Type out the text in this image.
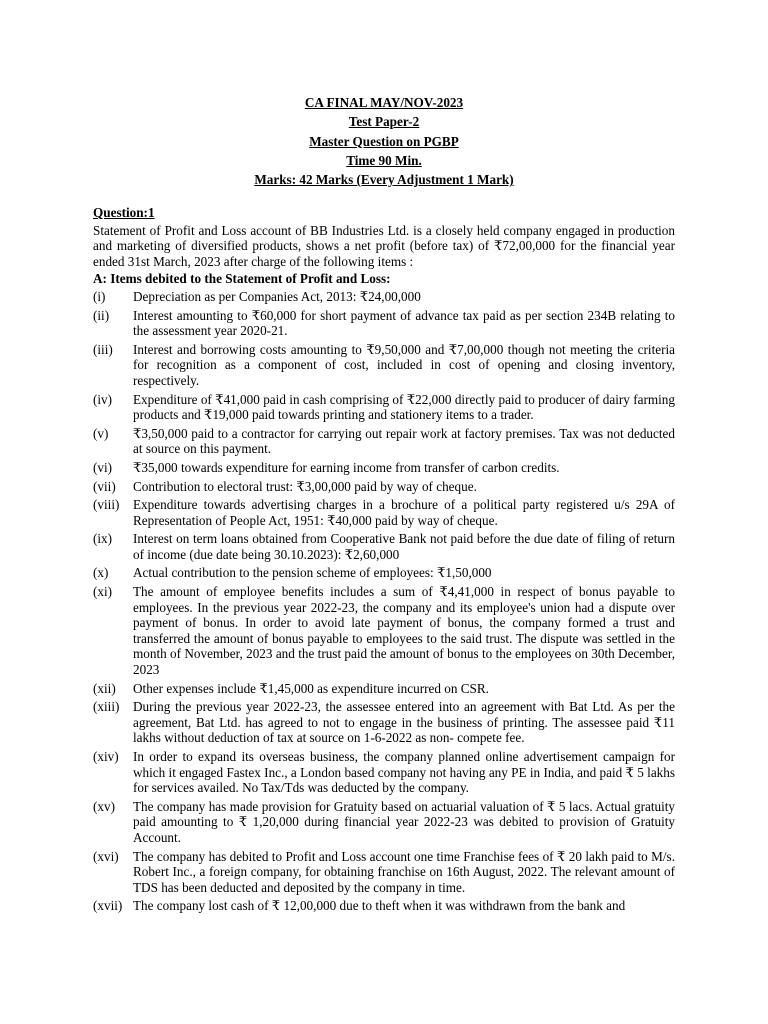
CA FINAL MAY/NOV-2023
Test Paper-2
Master Question on PGBP
Time 90 Min.
Marks: 42 Marks (Every Adjustment 1 Mark)
Question:1
Statement of Profit and Loss account of BB Industries Ltd. is a closely held company engaged in production and marketing of diversified products, shows a net profit (before tax) of ₹72,00,000 for the financial year ended 31st March, 2023 after charge of the following items :
A: Items debited to the Statement of Profit and Loss:
(i)	Depreciation as per Companies Act, 2013: ₹24,00,000
(ii)	Interest amounting to ₹60,000 for short payment of advance tax paid as per section 234B relating to the assessment year 2020-21.
(iii)	Interest and borrowing costs amounting to ₹9,50,000 and ₹7,00,000 though not meeting the criteria for recognition as a component of cost, included in cost of opening and closing inventory, respectively.
(iv)	Expenditure of ₹41,000 paid in cash comprising of ₹22,000 directly paid to producer of dairy farming products and ₹19,000 paid towards printing and stationery items to a trader.
(v)	₹3,50,000 paid to a contractor for carrying out repair work at factory premises. Tax was not deducted at source on this payment.
(vi)	₹35,000 towards expenditure for earning income from transfer of carbon credits.
(vii)	Contribution to electoral trust: ₹3,00,000 paid by way of cheque.
(viii)	Expenditure towards advertising charges in a brochure of a political party registered u/s 29A of Representation of People Act, 1951: ₹40,000 paid by way of cheque.
(ix)	Interest on term loans obtained from Cooperative Bank not paid before the due date of filing of return of income (due date being 30.10.2023): ₹2,60,000
(x)	Actual contribution to the pension scheme of employees: ₹1,50,000
(xi)	The amount of employee benefits includes a sum of ₹4,41,000 in respect of bonus payable to employees. In the previous year 2022-23, the company and its employee's union had a dispute over payment of bonus. In order to avoid late payment of bonus, the company formed a trust and transferred the amount of bonus payable to employees to the said trust. The dispute was settled in the month of November, 2023 and the trust paid the amount of bonus to the employees on 30th December, 2023
(xii)	Other expenses include ₹1,45,000 as expenditure incurred on CSR.
(xiii)	During the previous year 2022-23, the assessee entered into an agreement with Bat Ltd. As per the agreement, Bat Ltd. has agreed to not to engage in the business of printing. The assessee paid ₹11 lakhs without deduction of tax at source on 1-6-2022 as non- compete fee.
(xiv)	In order to expand its overseas business, the company planned online advertisement campaign for which it engaged Fastex Inc., a London based company not having any PE in India, and paid ₹ 5 lakhs for services availed. No Tax/Tds was deducted by the company.
(xv)	The company has made provision for Gratuity based on actuarial valuation of ₹ 5 lacs. Actual gratuity paid amounting to ₹ 1,20,000 during financial year 2022-23 was debited to provision of Gratuity Account.
(xvi)	The company has debited to Profit and Loss account one time Franchise fees of ₹ 20 lakh paid to M/s. Robert Inc., a foreign company, for obtaining franchise on 16th August, 2022. The relevant amount of TDS has been deducted and deposited by the company in time.
(xvii) The company lost cash of ₹ 12,00,000 due to theft when it was withdrawn from the bank and
